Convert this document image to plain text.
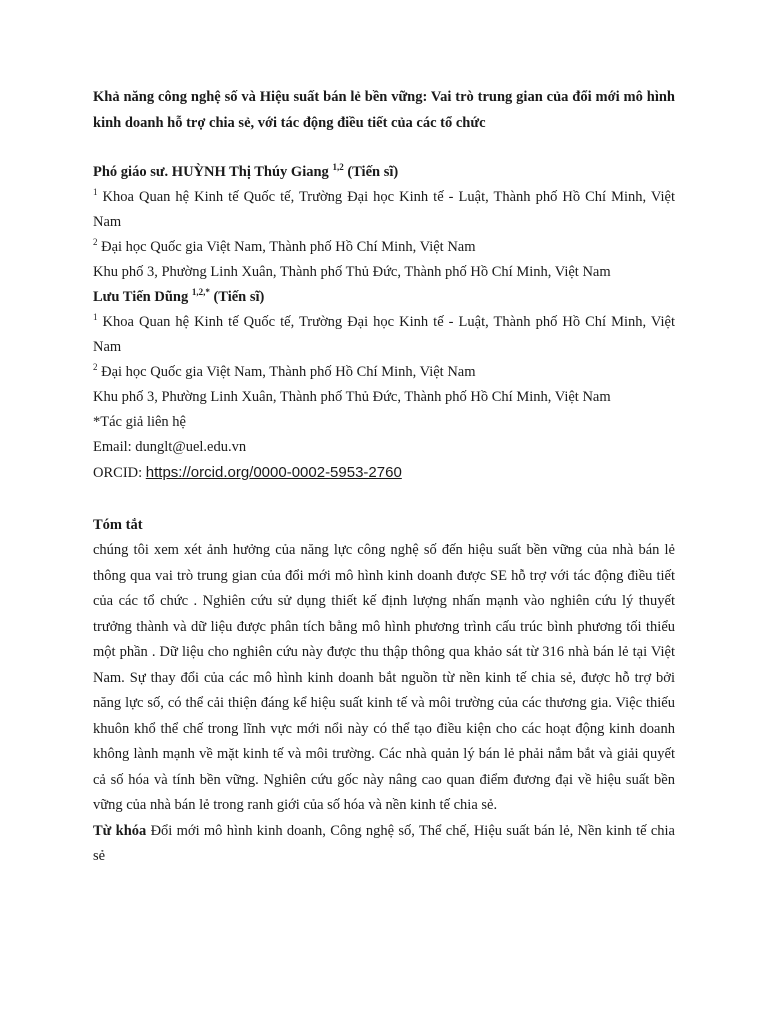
Khả năng công nghệ số và Hiệu suất bán lẻ bền vững: Vai trò trung gian của đổi mới mô hình kinh doanh hỗ trợ chia sẻ, với tác động điều tiết của các tổ chức

Phó giáo sư. HUỲNH Thị Thúy Giang $^{1,2}$ (Tiến sĩ)

$^1$ Khoa Quan hệ Kinh tế Quốc tế, Trường Đại học Kinh tế - Luật, Thành phố Hồ Chí Minh, Việt Nam

$^2$ Đại học Quốc gia Việt Nam, Thành phố Hồ Chí Minh, Việt Nam

Khu phố 3, Phường Linh Xuân, Thành phố Thủ Đức, Thành phố Hồ Chí Minh, Việt Nam

Lưu Tiến Dũng $^{1,2,*}$ (Tiến sĩ)

$^1$ Khoa Quan hệ Kinh tế Quốc tế, Trường Đại học Kinh tế - Luật, Thành phố Hồ Chí Minh, Việt Nam

$^2$ Đại học Quốc gia Việt Nam, Thành phố Hồ Chí Minh, Việt Nam

Khu phố 3, Phường Linh Xuân, Thành phố Thủ Đức, Thành phố Hồ Chí Minh, Việt Nam

*Tác giả liên hệ

Email: dunglt@uel.edu.vn

ORCID: https://orcid.org/0000-0002-5953-2760

Tóm tắt

chúng tôi xem xét ảnh hưởng của năng lực công nghệ số đến hiệu suất bền vững của nhà bán lẻ thông qua vai trò trung gian của đổi mới mô hình kinh doanh được SE hỗ trợ với tác động điều tiết của các tổ chức . Nghiên cứu sử dụng thiết kế định lượng nhấn mạnh vào nghiên cứu lý thuyết trưởng thành và dữ liệu được phân tích bằng mô hình phương trình cấu trúc bình phương tối thiểu một phần . Dữ liệu cho nghiên cứu này được thu thập thông qua khảo sát từ 316 nhà bán lẻ tại Việt Nam. Sự thay đổi của các mô hình kinh doanh bắt nguồn từ nền kinh tế chia sẻ, được hỗ trợ bởi năng lực số, có thể cải thiện đáng kể hiệu suất kinh tế và môi trường của các thương gia. Việc thiếu khuôn khổ thể chế trong lĩnh vực mới nổi này có thể tạo điều kiện cho các hoạt động kinh doanh không lành mạnh về mặt kinh tế và môi trường. Các nhà quản lý bán lẻ phải nắm bắt và giải quyết cả số hóa và tính bền vững. Nghiên cứu gốc này nâng cao quan điểm đương đại về hiệu suất bền vững của nhà bán lẻ trong ranh giới của số hóa và nền kinh tế chia sẻ.

Từ khóa Đổi mới mô hình kinh doanh, Công nghệ số, Thể chế, Hiệu suất bán lẻ, Nền kinh tế chia sẻ
